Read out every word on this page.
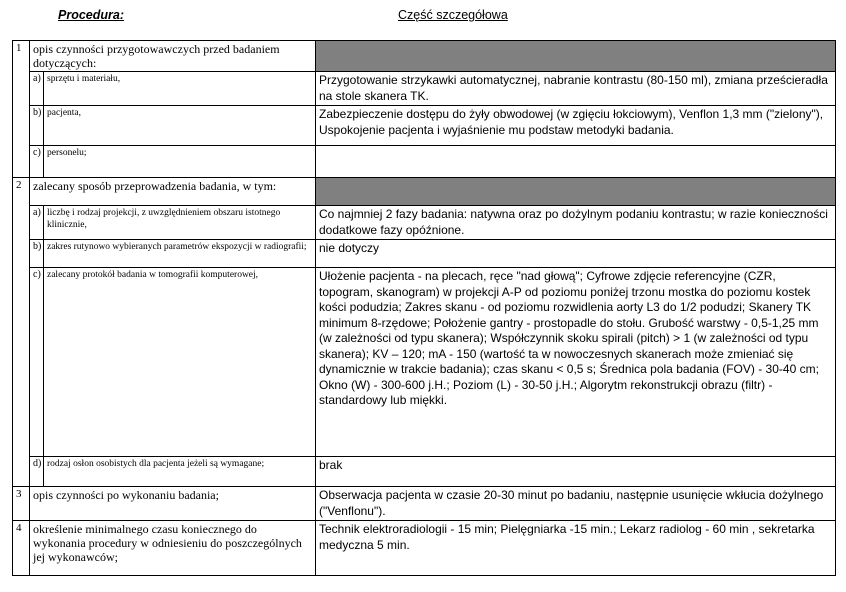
Procedura:	Część szczegółowa
1	opis czynności przygotowawczych przed badaniem dotyczących:		
	a)	sprzętu i materiału,	Przygotowanie strzykawki automatycznej, nabranie kontrastu (80-150 ml), zmiana prześcieradła na stole skanera TK.
	b)	pacjenta,	Zabezpieczenie dostępu do żyły obwodowej (w zgięciu łokciowym), Venflon 1,3 mm ("zielony"), Uspokojenie pacjenta i wyjaśnienie mu podstaw metodyki badania.
	c)	personelu;	
2	zalecany sposób przeprowadzenia badania, w tym:		
	a)	liczbę i rodzaj projekcji, z uwzględnieniem obszaru istotnego klinicznie,	Co najmniej 2 fazy badania: natywna oraz po dożylnym podaniu kontrastu; w razie konieczności dodatkowe fazy opóźnione.
	b)	zakres rutynowo wybieranych parametrów ekspozycji w radiografii;	nie dotyczy
	c)	zalecany protokół badania w tomografii komputerowej,	Ułożenie pacjenta - na plecach, ręce "nad głową"; Cyfrowe zdjęcie referencyjne (CZR, topogram, skanogram) w projekcji A-P od poziomu poniżej trzonu mostka do poziomu kostek kości podudzia; Zakres skanu - od poziomu rozwidlenia aorty L3 do 1/2 podudzi; Skanery TK minimum 8-rzędowe; Położenie gantry - prostopadle do stołu. Grubość warstwy - 0,5-1,25 mm (w zależności od typu skanera); Współczynnik skoku spirali (pitch) > 1 (w zależności od typu skanera); KV – 120; mA - 150 (wartość ta w nowoczesnych skanerach może zmieniać się dynamicznie w trakcie badania); czas skanu < 0,5 s; Średnica pola badania (FOV) - 30-40 cm; Okno (W) - 300-600 j.H.; Poziom (L) - 30-50 j.H.; Algorytm rekonstrukcji obrazu (filtr) - standardowy lub miękki.
	d)	rodzaj osłon osobistych dla pacjenta jeżeli są wymagane;	brak
3	opis czynności po wykonaniu badania;		Obserwacja pacjenta w czasie 20-30 minut po badaniu, następnie usunięcie wkłucia dożylnego ("Venflonu").
4	określenie minimalnego czasu koniecznego do wykonania procedury w odniesieniu do poszczególnych jej wykonawców;		Technik elektroradiologii - 15 min; Pielęgniarka -15 min.; Lekarz radiolog - 60 min , sekretarka medyczna 5 min.
